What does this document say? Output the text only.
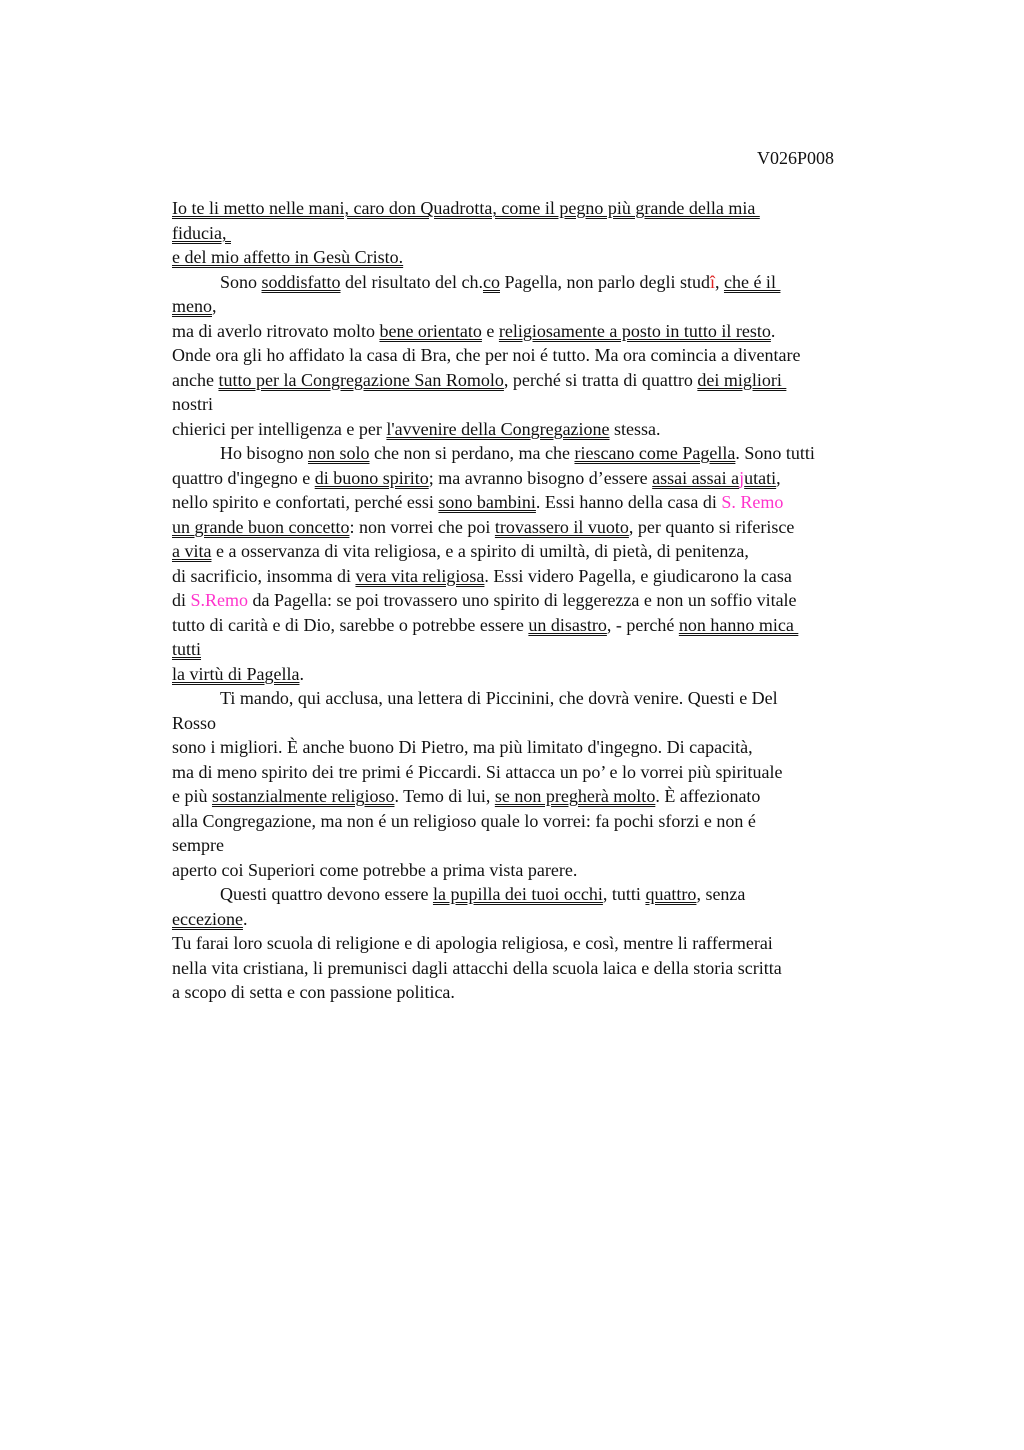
V026P008
Io te li metto nelle mani, caro don Quadrotta, come il pegno più grande della mia
fiducia,
e del mio affetto in Gesù Cristo.
Sono soddisfatto del risultato del ch.co Pagella, non parlo degli studî, che é il
meno,
ma di averlo ritrovato molto bene orientato e religiosamente a posto in tutto il resto.
Onde ora gli ho affidato la casa di Bra, che per noi é tutto. Ma ora comincia a diventare
anche tutto per la Congregazione San Romolo, perché si tratta di quattro dei migliori
nostri
chierici per intelligenza e per l'avvenire della Congregazione stessa.
Ho bisogno non solo che non si perdano, ma che riescano come Pagella. Sono tutti
quattro d'ingegno e di buono spirito; ma avranno bisogno d’essere assai assai ajutati,
nello spirito e confortati, perché essi sono bambini. Essi hanno della casa di S. Remo
un grande buon concetto: non vorrei che poi trovassero il vuoto, per quanto si riferisce
a vita e a osservanza di vita religiosa, e a spirito di umiltà, di pietà, di penitenza,
di sacrificio, insomma di vera vita religiosa. Essi videro Pagella, e giudicarono la casa
di S.Remo da Pagella: se poi trovassero uno spirito di leggerezza e non un soffio vitale
tutto di carità e di Dio, sarebbe o potrebbe essere un disastro, - perché non hanno mica
tutti
la virtù di Pagella.
Ti mando, qui acclusa, una lettera di Piccinini, che dovrà venire. Questi e Del
Rosso
sono i migliori. È anche buono Di Pietro, ma più limitato d'ingegno. Di capacità,
ma di meno spirito dei tre primi é Piccardi. Si attacca un po’ e lo vorrei più spirituale
e più sostanzialmente religioso. Temo di lui, se non pregherà molto. È affezionato
alla Congregazione, ma non é un religioso quale lo vorrei: fa pochi sforzi e non é
sempre
aperto coi Superiori come potrebbe a prima vista parere.
Questi quattro devono essere la pupilla dei tuoi occhi, tutti quattro, senza
eccezione.
Tu farai loro scuola di religione e di apologia religiosa, e così, mentre li raffermerai
nella vita cristiana, li premunisci dagli attacchi della scuola laica e della storia scritta
a scopo di setta e con passione politica.
